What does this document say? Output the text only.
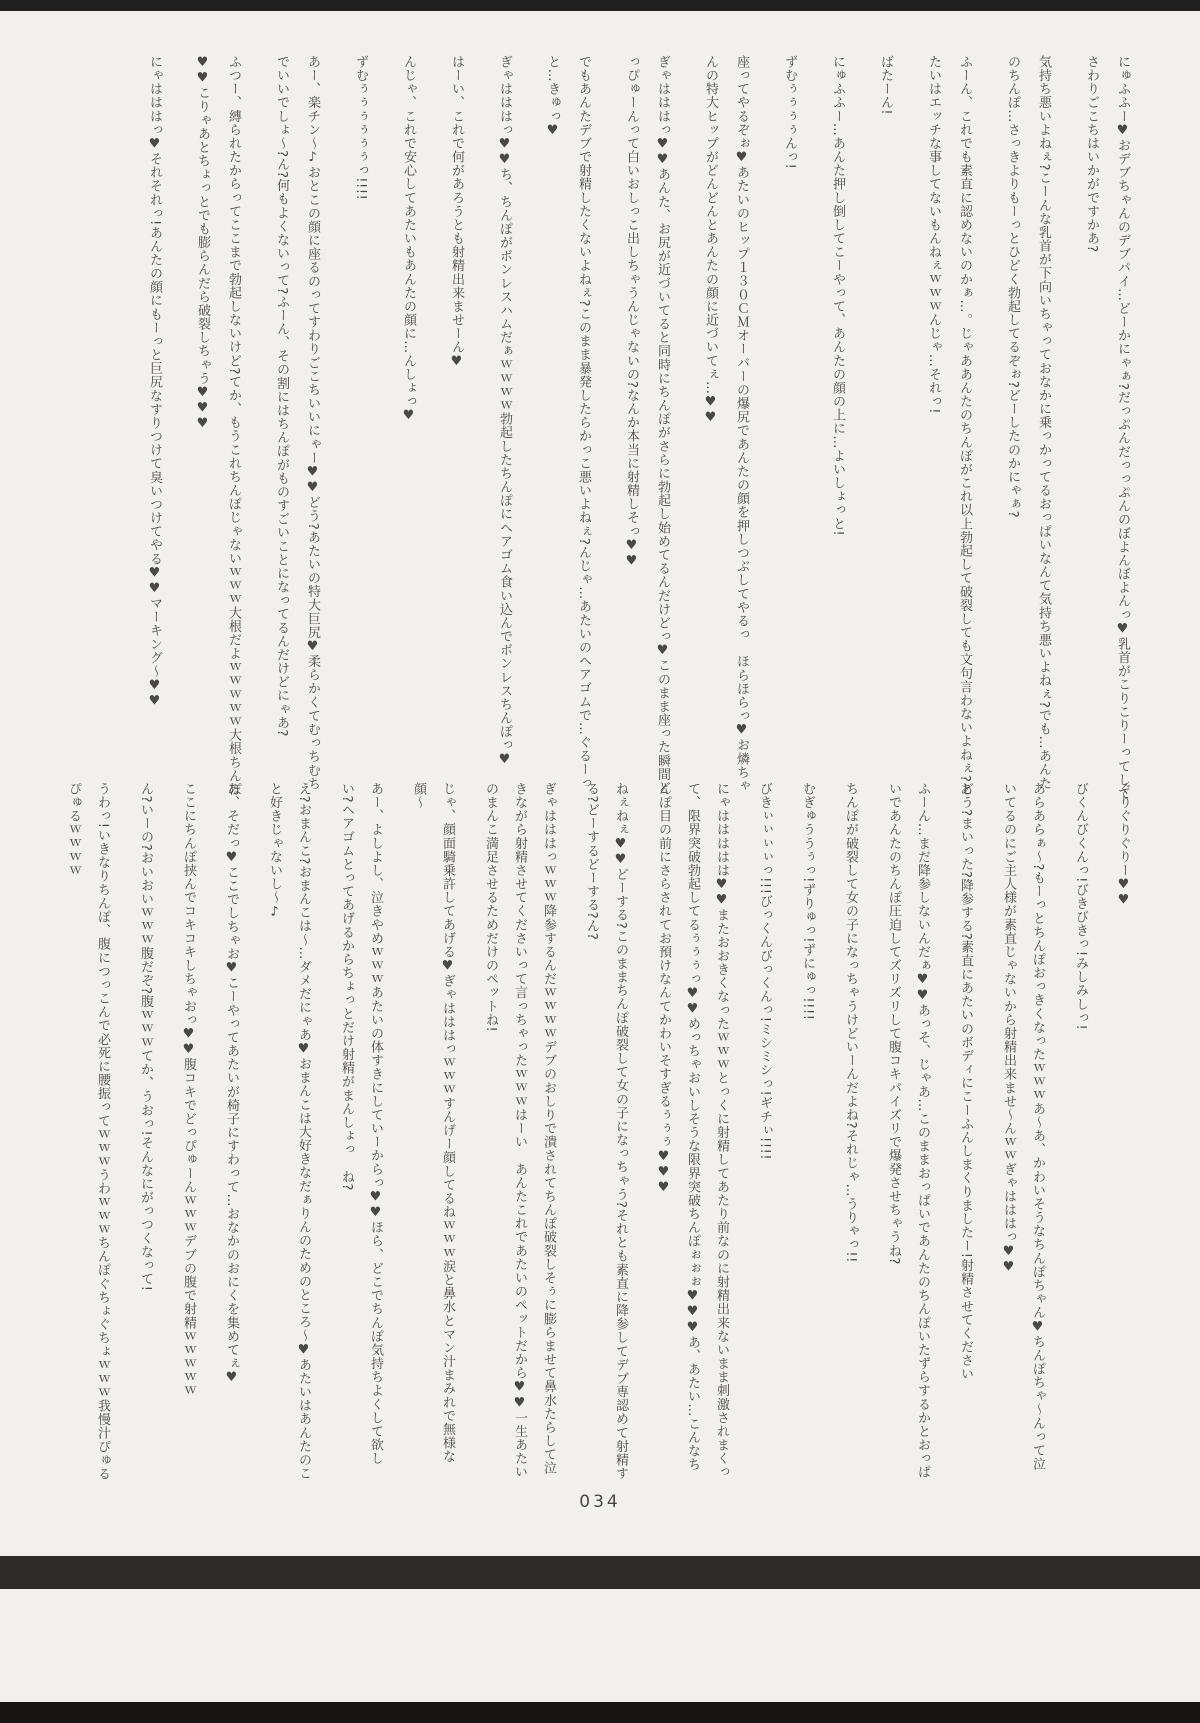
にゅふふー♥おデブちゃんのデブパイ…どーかにゃぁ?だっぷんだっっぷんのぼよんぼよんっ♥乳首がこりこりーってしてさわりごこちはいかがですかあ?

気持ち悪いよねぇ?こーんな乳首が下向いちゃっておなかに乗っかってるおっぱいなんて気持ち悪いよねぇ?でも…あんたのちんぽ…さっきよりもーっとひどく勃起してるぞぉ?どーしたのかにゃぁ?

ふーん、これでも素直に認めないのかぁ…。じゃああんたのちんぽがこれ以上勃起して破裂しても文句言わないよねぇ?あたいはエッチな事してないもんねぇｗｗｗんじゃ…それっ!

ばたーん!

にゅふふー…あんた押し倒してこーやって、あんたの顔の上に…よいしょっと!

ずむぅぅぅぅんっ!

座ってやるぞぉ♥あたいのヒップ１３０ＣＭオーバーの爆尻であんたの顔を押しつぶしてやるっ　ほらほらっ♥お燐ちゃんの特大ヒップがどんどんとあんたの顔に近づいてぇ…♥♥

ぎゃはははっ♥♥あんた、お尻が近づいてると同時にちんぽがさらに勃起し始めてるんだけどっ♥このまま座った瞬間どっぴゅーんって白いおしっこ出しちゃうんじゃないの?なんか本当に射精しそっ♥♥

でもあんたデブで射精したくないよねぇ?このまま暴発したらかっこ悪いよねぇ?んじゃ…あたいのヘアゴムで…ぐるーっと…きゅっ♥

ぎゃはははっ♥♥ち、ちんぽがボンレスハムだぁｗｗｗｗ勃起したちんぽにヘアゴム食い込んでボンレスちんぽっ♥

はーい、これで何があろうとも射精出来ませーん♥

んじゃ、これで安心してあたいもあんたの顔に…んしょっ♥

ずむぅぅぅぅぅぅっ!!!!

あー、楽チン〜♪おとこの顔に座るのってすわりごこちいいにゃー♥♥どう?あたいの特大巨尻♥柔らかくてむっちむちでいいでしょ〜?ん?何もよくないって?ふーん、その割にはちんぽがものすごいことになってるんだけどにゃあ?

ふつー、縛られたからってここまで勃起しないけど?てか、もうこれちんぽじゃないｗｗｗ大根だよｗｗｗｗｗ大根ちんぽ♥♥こりゃあとちょっとでも膨らんだら破裂しちゃう♥♥♥

にゃはははっ♥それそれっ!あんたの顔にもーっと巨尻なすりつけて臭いつけてやる♥♥マーキング〜♥♥

ぐりぐりぐりー♥♥

びくんびくんっ!びきびきっ!みしみしっ!

あらあらぁ〜?もーっとちんぽおっきくなったｗｗｗあ〜あ、かわいそうなちんぽちゃん♥ちんぽちゃ〜んって泣いてるのにご主人様が素直じゃないから射精出来ませ〜んｗｗぎゃはははっ♥♥

どう?まいった?降参する?素直にあたいのボディにこーふんしまくりましたー!射精させてください

ふーん…まだ降参しないんだぁ♥♥あっそ、じゃあ…このままおっぱいであんたのちんぽいたずらするかとおっぱいであんたのちんぽ圧迫してズリズリして腹コキパイズリで爆発させちゃうね?

ちんぽが破裂して女の子になっちゃうけどいーんだよね?それじゃ…うりゃっ!!

むぎゅううぅっ!ずりゅっ!ずにゅっ!!!!

びきぃぃぃぃっ!!!びっくんびっくんっ!ミシミシっ!ギチぃ!!!!

にゃははははは♥♥またおおきくなったｗｗｗとっくに射精してあたり前なのに射精出来ないまま刺激されまくって、限界突破勃起してるぅぅぅっ♥♥めっちゃおいしそうな限界突破ちんぽぉぉぉ♥♥♥あ、あたい…こんなちんぽ目の前にさらされてお預けなんてかわいそすぎるぅぅぅ♥♥♥

ねぇねぇ♥♥どーする?このままちんぽ破裂して女の子になっちゃう?それとも素直に降参してデブ専認めて射精する?どーするどーする?ん?

ぎゃはははっｗｗｗ降参するんだｗｗｗｗデブのおしりで潰されてちんぽ破裂しそぅに膨らませて鼻水たらして泣きながら射精させてくださいって言っちゃったｗｗｗはーい　あんたこれであたいのペットだから♥♥一生あたいのまんこ満足させるためだけのペットね!

じゃ、顔面騎乗許してあげる♥ぎゃはははっｗｗｗすんげー顔してるねｗｗｗ涙と鼻水とマン汁まみれで無様な顔〜

あー、よしよし、泣きやめｗｗｗあたいの体すきにしていーからっ♥♥ほら、どこでちんぽ気持ちよくして欲しい?ヘアゴムとってあげるからちょっとだけ射精がまんしょっ　ね?

え?おまんこ?おまんこは〜…ダメだにゃあ♥おまんこは大好きなだぁりんのためのところ〜♥あたいはあんたのこと好きじゃないし〜♪

あ、そだっ♥ここでしちゃお♥こーやってあたいが椅子にすわって…おなかのおにくを集めてぇ♥

ここにちんぽ挟んでコキコキしちゃおっ♥♥腹コキでどっぴゅーんｗｗｗデブの腹で射精ｗｗｗｗｗ

ん?いーの?おいおいｗｗｗ腹だぞ?腹ｗｗｗてか、うおっ!そんなにがっつくなって!

うわっ!いきなりちんぽ、腹につっこんで必死に腰振ってｗｗｗうわｗｗｗちんぽぐちょぐちょｗｗｗ我慢汁ぴゅるぴゅるｗｗｗｗ

034
